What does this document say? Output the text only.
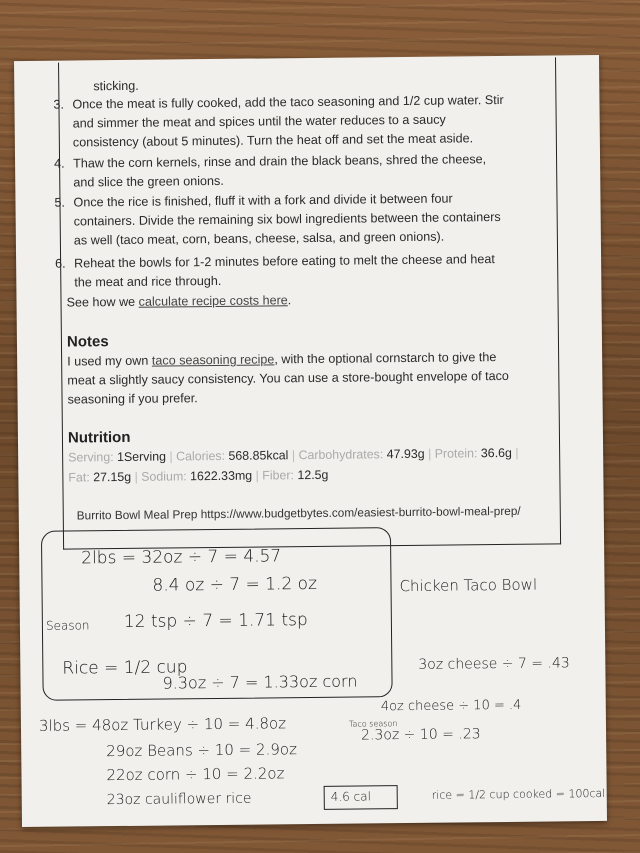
sticking.
3. Once the meat is fully cooked, add the taco seasoning and 1/2 cup water. Stir
and simmer the meat and spices until the water reduces to a saucy
consistency (about 5 minutes). Turn the heat off and set the meat aside.
4. Thaw the corn kernels, rinse and drain the black beans, shred the cheese,
and slice the green onions.
5. Once the rice is finished, fluff it with a fork and divide it between four
containers. Divide the remaining six bowl ingredients between the containers
as well (taco meat, corn, beans, cheese, salsa, and green onions).
6. Reheat the bowls for 1-2 minutes before eating to melt the cheese and heat
the meat and rice through.
See how we calculate recipe costs here.
Notes
I used my own taco seasoning recipe, with the optional cornstarch to give the
meat a slightly saucy consistency. You can use a store-bought envelope of taco
seasoning if you prefer.
Nutrition
Serving: 1Serving | Calories: 568.85kcal | Carbohydrates: 47.93g | Protein: 36.6g |
Fat: 27.15g | Sodium: 1622.33mg | Fiber: 12.5g
Burrito Bowl Meal Prep https://www.budgetbytes.com/easiest-burrito-bowl-meal-prep/
2lbs = 32oz ÷ 7 = 4.57
8.4 oz ÷ 7 = 1.2 oz
Season 12 tsp ÷ 7 = 1.71 tsp
Rice = 1/2 cup
9.3oz ÷ 7 = 1.33oz corn
Chicken Taco Bowl
3oz cheese ÷ 7 = .43
4oz cheese ÷ 10 = .4
Taco season
2.3oz ÷ 10 = .23
3lbs = 48oz Turkey ÷ 10 = 4.8oz
29oz Beans ÷ 10 = 2.9oz
22oz corn ÷ 10 = 2.2oz
23oz cauliflower rice	4.6 cal	rice = 1/2 cup cooked = 100cal
